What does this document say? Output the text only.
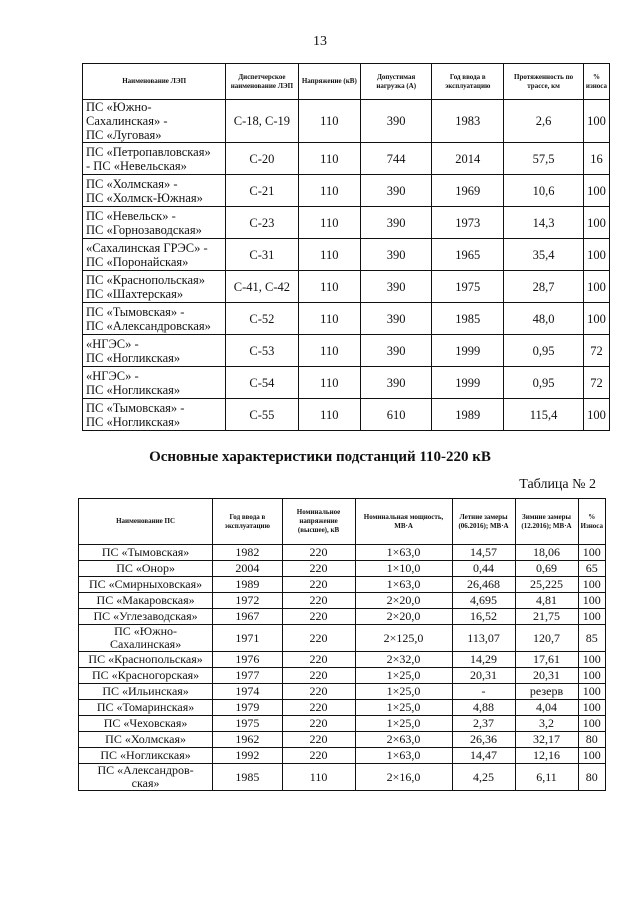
13
Наименование ЛЭП	Диспетчерское наименование ЛЭП	Напряжение (кВ)	Допустимая нагрузка (А)	Год ввода в эксплуатацию	Протяженность по трассе, км	% износа

ПС «Южно-
Сахалинская» -
ПС «Луговая»	С-18, С-19	110	390	1983	2,6	100

ПС «Петропавловская»
- ПС «Невельская»	С-20	110	744	2014	57,5	16

ПС «Холмская» -
ПС «Холмск-Южная»	С-21	110	390	1969	10,6	100

ПС «Невельск» -
ПС «Горнозаводская»	С-23	110	390	1973	14,3	100

«Сахалинская ГРЭС» -
ПС «Поронайская»	С-31	110	390	1965	35,4	100

ПС «Краснопольская»
ПС «Шахтерская»	С-41, С-42	110	390	1975	28,7	100

ПС «Тымовская» -
ПС «Александровская»	С-52	110	390	1985	48,0	100

«НГЭС» -
ПС «Ногликская»	С-53	110	390	1999	0,95	72

«НГЭС» -
ПС «Ногликская»	С-54	110	390	1999	0,95	72

ПС «Тымовская» -
ПС «Ногликская»	С-55	110	610	1989	115,4	100
Основные характеристики подстанций 110-220 кВ
Таблица № 2
Наименование ПС	Год ввода в эксплуатацию	Номинальное напряжение (высшее), кВ	Номинальная мощность, МВ·А	Летние замеры (06.2016); МВ·А	Зимние замеры (12.2016); МВ·А	% Износа

ПС «Тымовская»	1982	220	1×63,0	14,57	18,06	100

ПС «Онор»	2004	220	1×10,0	0,44	0,69	65

ПС «Смирныховская»	1989	220	1×63,0	26,468	25,225	100

ПС «Макаровская»	1972	220	2×20,0	4,695	4,81	100

ПС «Углезаводская»	1967	220	2×20,0	16,52	21,75	100

ПС «Южно-
Сахалинская»	1971	220	2×125,0	113,07	120,7	85

ПС «Краснопольская»	1976	220	2×32,0	14,29	17,61	100

ПС «Красногорская»	1977	220	1×25,0	20,31	20,31	100

ПС «Ильинская»	1974	220	1×25,0	-	резерв	100

ПС «Томаринская»	1979	220	1×25,0	4,88	4,04	100

ПС «Чеховская»	1975	220	1×25,0	2,37	3,2	100

ПС «Холмская»	1962	220	2×63,0	26,36	32,17	80

ПС «Ногликская»	1992	220	1×63,0	14,47	12,16	100

ПС «Александров-
ская»	1985	110	2×16,0	4,25	6,11	80
